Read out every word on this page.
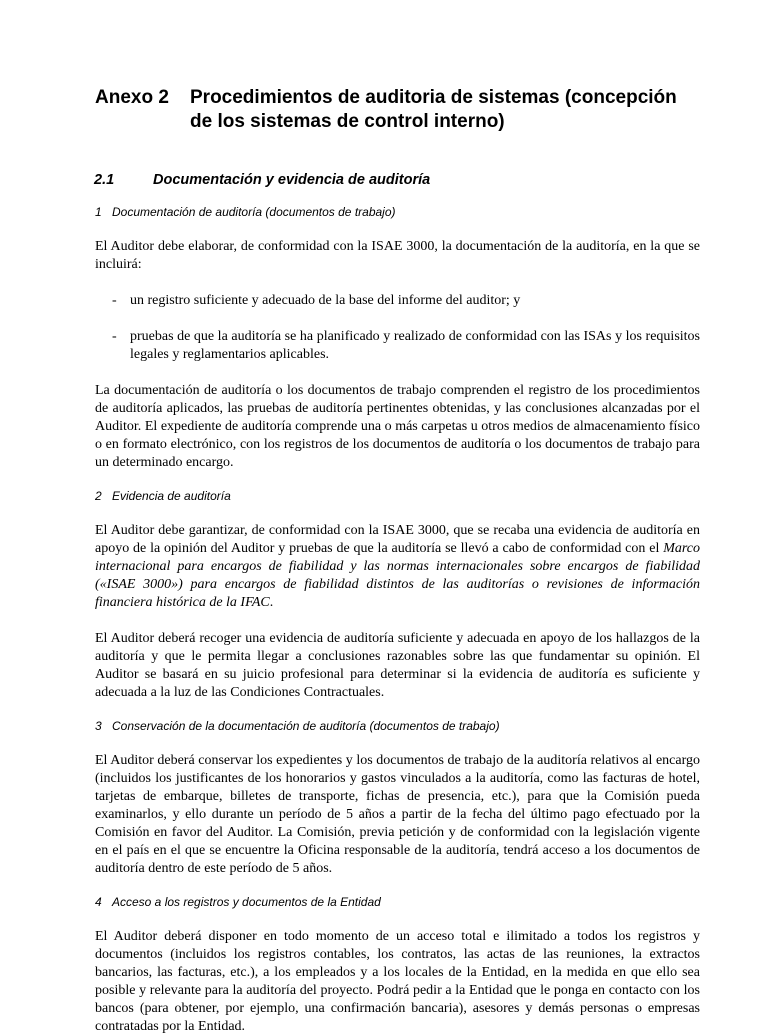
Anexo 2	Procedimientos de auditoria de sistemas (concepción de los sistemas de control interno)
2.1	Documentación y evidencia de auditoría
1 Documentación de auditoría (documentos de trabajo)

El Auditor debe elaborar, de conformidad con la ISAE 3000, la documentación de la auditoría, en la que se incluirá:

- un registro suficiente y adecuado de la base del informe del auditor; y
- pruebas de que la auditoría se ha planificado y realizado de conformidad con las ISAs y los requisitos legales y reglamentarios aplicables.

La documentación de auditoría o los documentos de trabajo comprenden el registro de los procedimientos de auditoría aplicados, las pruebas de auditoría pertinentes obtenidas, y las conclusiones alcanzadas por el Auditor. El expediente de auditoría comprende una o más carpetas u otros medios de almacenamiento físico o en formato electrónico, con los registros de los documentos de auditoría o los documentos de trabajo para un determinado encargo.

2 Evidencia de auditoría

El Auditor debe garantizar, de conformidad con la ISAE 3000, que se recaba una evidencia de auditoría en apoyo de la opinión del Auditor y pruebas de que la auditoría se llevó a cabo de conformidad con el Marco internacional para encargos de fiabilidad y las normas internacionales sobre encargos de fiabilidad («ISAE 3000») para encargos de fiabilidad distintos de las auditorías o revisiones de información financiera histórica de la IFAC.

El Auditor deberá recoger una evidencia de auditoría suficiente y adecuada en apoyo de los hallazgos de la auditoría y que le permita llegar a conclusiones razonables sobre las que fundamentar su opinión. El Auditor se basará en su juicio profesional para determinar si la evidencia de auditoría es suficiente y adecuada a la luz de las Condiciones Contractuales.

3 Conservación de la documentación de auditoría (documentos de trabajo)

El Auditor deberá conservar los expedientes y los documentos de trabajo de la auditoría relativos al encargo (incluidos los justificantes de los honorarios y gastos vinculados a la auditoría, como las facturas de hotel, tarjetas de embarque, billetes de transporte, fichas de presencia, etc.), para que la Comisión pueda examinarlos, y ello durante un período de 5 años a partir de la fecha del último pago efectuado por la Comisión en favor del Auditor. La Comisión, previa petición y de conformidad con la legislación vigente en el país en el que se encuentre la Oficina responsable de la auditoría, tendrá acceso a los documentos de auditoría dentro de este período de 5 años.

4 Acceso a los registros y documentos de la Entidad

El Auditor deberá disponer en todo momento de un acceso total e ilimitado a todos los registros y documentos (incluidos los registros contables, los contratos, las actas de las reuniones, la extractos bancarios, las facturas, etc.), a los empleados y a los locales de la Entidad, en la medida en que ello sea posible y relevante para la auditoría del proyecto. Podrá pedir a la Entidad que le ponga en contacto con los bancos (para obtener, por ejemplo, una confirmación bancaria), asesores y demás personas o empresas contratadas por la Entidad.
